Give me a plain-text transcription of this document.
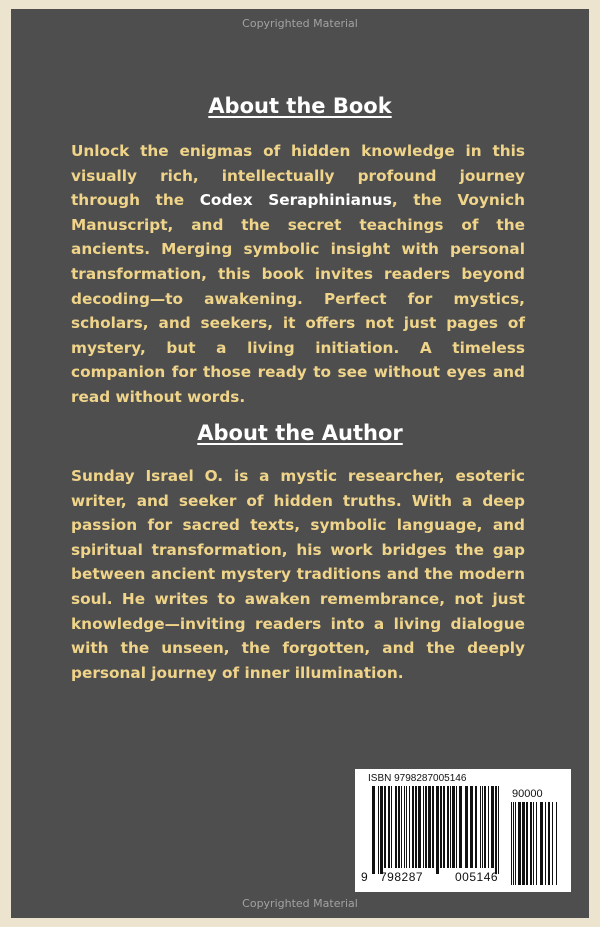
Copyrighted Material
About the Book

Unlock the enigmas of hidden knowledge in this visually rich, intellectually profound journey through the Codex Seraphinianus, the Voynich Manuscript, and the secret teachings of the ancients. Merging symbolic insight with personal transformation, this book invites readers beyond decoding—to awakening. Perfect for mystics, scholars, and seekers, it offers not just pages of mystery, but a living initiation. A timeless companion for those ready to see without eyes and read without words.

About the Author

Sunday Israel O. is a mystic researcher, esoteric writer, and seeker of hidden truths. With a deep passion for sacred texts, symbolic language, and spiritual transformation, his work bridges the gap between ancient mystery traditions and the modern soul. He writes to awaken remembrance, not just knowledge—inviting readers into a living dialogue with the unseen, the forgotten, and the deeply personal journey of inner illumination.

ISBN 9798287005146
90000
9 798287	005146
Copyrighted Material
